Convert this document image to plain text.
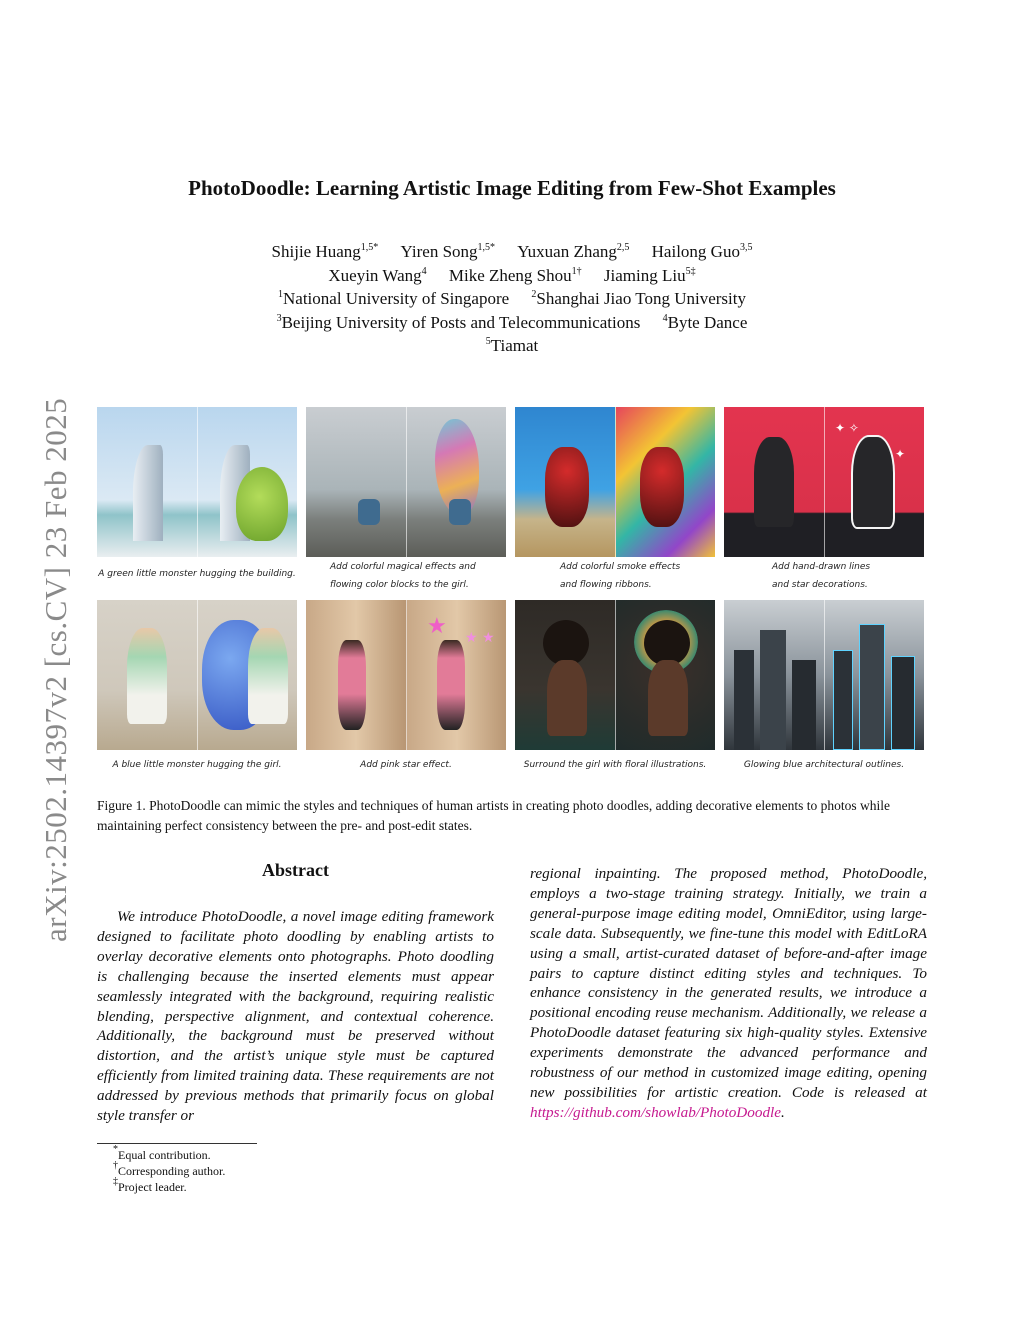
arXiv:2502.14397v2 [cs.CV] 23 Feb 2025
PhotoDoodle: Learning Artistic Image Editing from Few-Shot Examples
Shijie Huang$^{1,5*}$ Yiren Song$^{1,5*}$ Yuxuan Zhang$^{2,5}$ Hailong Guo$^{3,5}$
Xueyin Wang$^4$ Mike Zheng Shou$^{1\dagger}$ Jiaming Liu$^{5\ddagger}$
$^1$National University of Singapore $^2$Shanghai Jiao Tong University
$^3$Beijing University of Posts and Telecommunications $^4$Byte Dance
$^5$Tiamat
✦ ✧
✦
A green little monster hugging the building.
Add colorful magical effects and
flowing color blocks to the girl.
Add colorful smoke effects
and flowing ribbons.
Add hand-drawn lines
and star decorations.
★ ★ ★
A blue little monster hugging the girl.	Add pink star effect.	Surround the girl with floral illustrations.	Glowing blue architectural outlines.
Figure 1. PhotoDoodle can mimic the styles and techniques of human artists in creating photo doodles, adding decorative elements to photos while maintaining perfect consistency between the pre- and post-edit states.
Abstract
We introduce PhotoDoodle, a novel image editing framework designed to facilitate photo doodling by enabling artists to overlay decorative elements onto photographs. Photo doodling is challenging because the inserted elements must appear seamlessly integrated with the background, requiring realistic blending, perspective alignment, and contextual coherence. Additionally, the background must be preserved without distortion, and the artist’s unique style must be captured efficiently from limited training data. These requirements are not addressed by previous methods that primarily focus on global style transfer or
regional inpainting. The proposed method, PhotoDoodle, employs a two-stage training strategy. Initially, we train a general-purpose image editing model, OmniEditor, using large-scale data. Subsequently, we fine-tune this model with EditLoRA using a small, artist-curated dataset of before-and-after image pairs to capture distinct editing styles and techniques. To enhance consistency in the generated results, we introduce a positional encoding reuse mechanism. Additionally, we release a PhotoDoodle dataset featuring six high-quality styles. Extensive experiments demonstrate the advanced performance and robustness of our method in customized image editing, opening new possibilities for artistic creation. Code is released at https://github.com/showlab/PhotoDoodle.
*Equal contribution.
†Corresponding author.
‡Project leader.
